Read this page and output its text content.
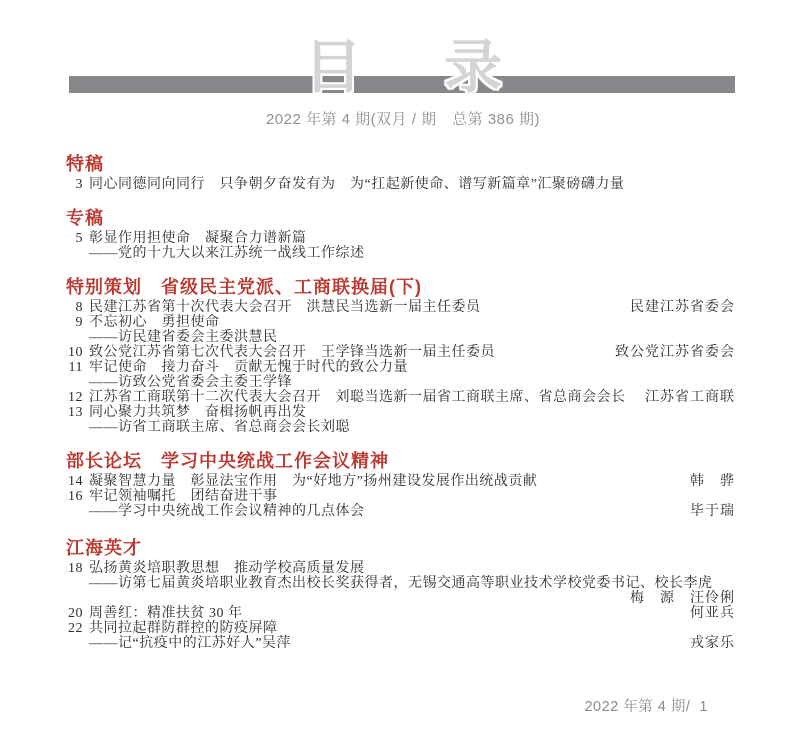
目 录
2022 年第 4 期(双月 / 期　总第 386 期)
特稿
3 同心同德同向同行　只争朝夕奋发有为　为“扛起新使命、谱写新篇章”汇聚磅礴力量
专稿
5 彰显作用担使命　凝聚合力谱新篇
——党的十九大以来江苏统一战线工作综述
特别策划　省级民主党派、工商联换届(下)
8 民建江苏省第十次代表大会召开　洪慧民当选新一届主任委员	民建江苏省委会
9 不忘初心　勇担使命
——访民建省委会主委洪慧民
10 致公党江苏省第七次代表大会召开　王学锋当选新一届主任委员	致公党江苏省委会
11 牢记使命　接力奋斗　贡献无愧于时代的致公力量
——访致公党省委会主委王学锋
12 江苏省工商联第十二次代表大会召开　刘聪当选新一届省工商联主席、省总商会会长	江苏省工商联
13 同心聚力共筑梦　奋楫扬帆再出发
——访省工商联主席、省总商会会长刘聪
部长论坛　学习中央统战工作会议精神
14 凝聚智慧力量　彰显法宝作用　为“好地方”扬州建设发展作出统战贡献	韩　骅
16 牢记领袖嘱托　团结奋进干事
——学习中央统战工作会议精神的几点体会	毕于瑞
江海英才
18 弘扬黄炎培职教思想　推动学校高质量发展
——访第七届黄炎培职业教育杰出校长奖获得者，无锡交通高等职业技术学校党委书记、校长李虎
梅　源　汪伶俐
20 周善红：精准扶贫 30 年	何亚兵
22 共同拉起群防群控的防疫屏障
——记“抗疫中的江苏好人”吴萍	戎家乐
2022 年第 4 期/  1
